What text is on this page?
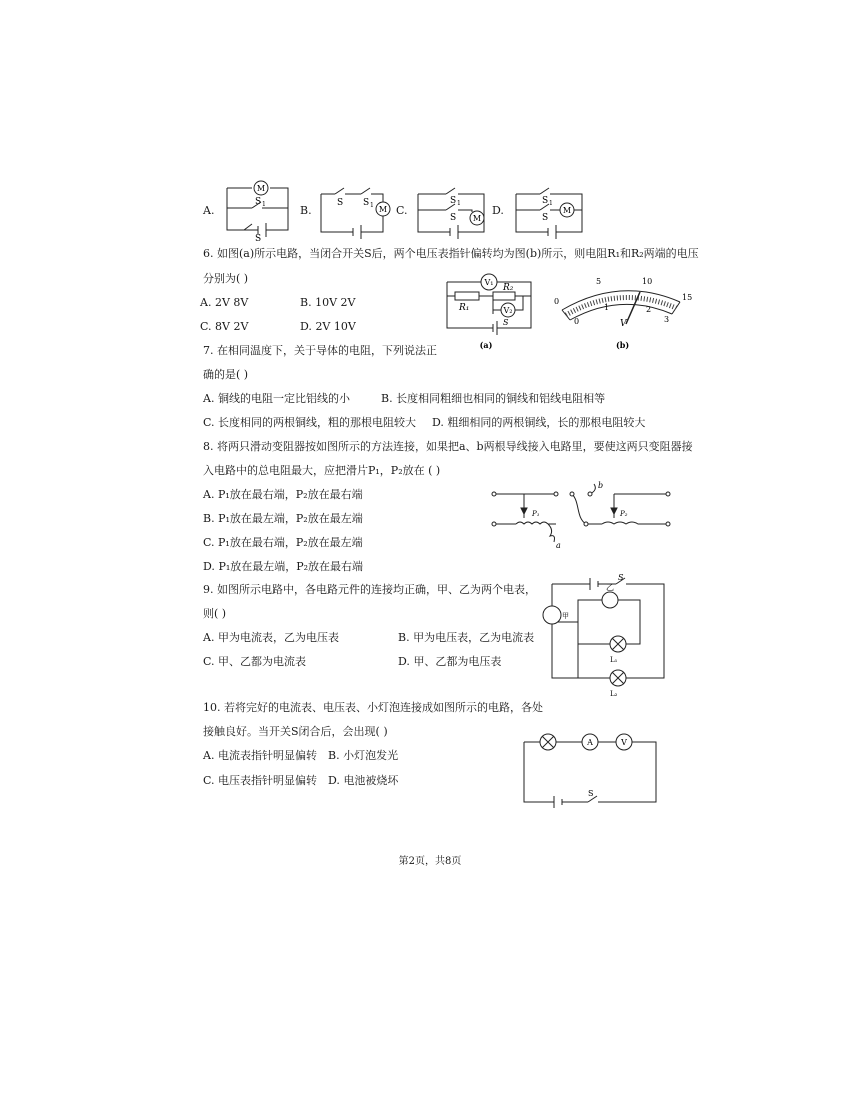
A.
M
S 1
S
B.
S S 1 M C.
S 1
S M
D.
S 1
S
M
6. 如图(a)所示电路，当闭合开关S后，两个电压表指针偏转均为图(b)所示，则电阻R₁和R₂两端的电压
分别为( )
A. 2V 8V	B. 10V 2V
C. 8V 2V	D. 2V 10V
V₁
R₂
R₁	V₂
S
(a)
5	10
0	15
0
1	2
3
V
(b)
7. 在相同温度下，关于导体的电阻，下列说法正
确的是( )
A. 铜线的电阻一定比铝线的小	B. 长度相同粗细也相同的铜线和铝线电阻相等
C. 长度相同的两根铜线，粗的那根电阻较大 D. 粗细相同的两根铜线，长的那根电阻较大
8. 将两只滑动变阻器按如图所示的方法连接，如果把a、b两根导线接入电路里，要使这两只变阻器接
入电路中的总电阻最大，应把滑片P₁，P₂放在 ( )
A. P₁放在最右端，P₂放在最右端
B. P₁放在最左端，P₂放在最左端
C. P₁放在最右端，P₂放在最左端
D. P₁放在最左端，P₂放在最右端
P₁	P₂
a
b
9. 如图所示电路中，各电路元件的连接均正确，甲、乙为两个电表，
则( )
A. 甲为电流表，乙为电压表	B. 甲为电压表，乙为电流表
C. 甲、乙都为电流表	D. 甲、乙都为电压表
S
甲
乙
L₁
L₂
10. 若将完好的电流表、电压表、小灯泡连接成如图所示的电路，各处
接触良好。当开关S闭合后，会出现( )
A. 电流表指针明显偏转 B. 小灯泡发光
C. 电压表指针明显偏转 D. 电池被烧坏
A	V
S
第2页，共8页
